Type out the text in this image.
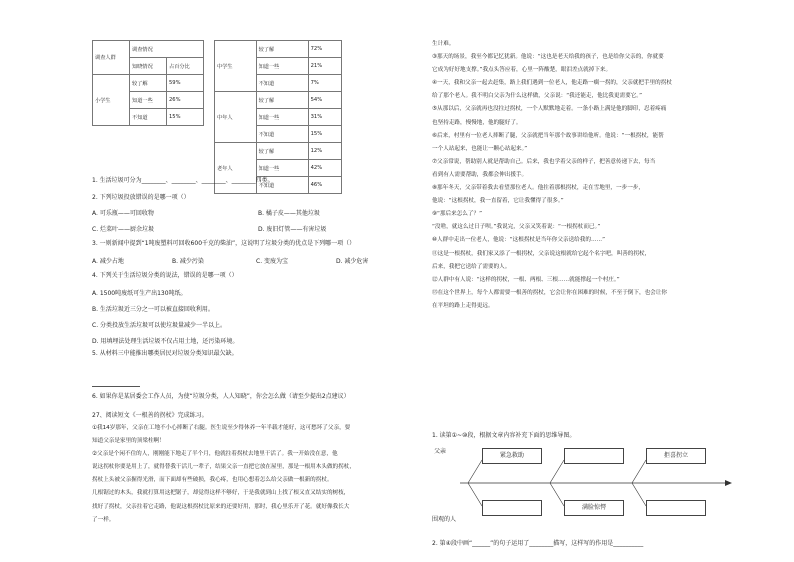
调查人群	调查情况	
	知晓情况	占百分比
小学生	较了解	59%
	知道一些	26%
	不知道	15%
中学生	较了解	72%
	知道一些	21%
	不知道	7%
中年人	较了解	54%
	知道一些	31%
	不知道	15%
老年人	较了解	12%
	知道一些	42%
	不知道	46%
1. 生活垃圾可分为________、________、________、________四类。
2. 下列垃圾投放错误的是哪一项（）
A. 可乐瓶——可回收物	B. 橘子皮——其他垃圾
C. 烂菜叶——厨余垃圾	D. 废旧灯管——有害垃圾
3. 一则新闻中提到“1吨废塑料可回收600千克的柴油”，这说明了垃圾分类的优点是下列哪一项（）
A. 减少占地	B. 减少污染	C. 变废为宝	D. 减少危害
4. 下列关于生活垃圾分类的说法，错误的是哪一项（）
A. 1500吨废纸可生产出130吨纸。
B. 生活垃圾近三分之一可以被直接回收利用。
C. 分类投放生活垃圾可以使垃圾量减少一半以上。
D. 用填埋法处理生活垃圾不仅占用土地，还污染环境。
5. 从材料三中能推出哪类居民对垃圾分类知识最欠缺。
6. 如果你是某居委会工作人员，为使“垃圾分类，人人知晓”，你会怎么做（请至少提出2点建议）
27、阅读短文《一根善的拐杖》完成练习。
①我14岁那年，父亲在工地不小心摔断了右腿。医生说至少得休养一年半载才能好，这可愁坏了父亲，要
知道父亲是家里的顶梁柱啊！
②父亲是个闲不住的人，刚刚能下地走了半个月，他就拄着拐杖去地里干活了。我一开始没在意，他
说这拐杖你要是用上了，就得替我干活儿一辈子，结果父亲一直把它放在屋里，那是一根用木头做的拐杖，
拐杖上头被父亲握得光滑，而下面却有些破损，我心疼，也用心想着怎么给父亲做一根新的拐杖。
几根锯过的木头，我就打算用这把锯子，却觉得这样不够好，于是我就到山上找了根又直又结实的树枝，
找好了拐杖，父亲拄着它走路，他说这根拐杖比原来的还要好用，那时，我心里乐开了花。就好像我长大
了一样。
生计难。
③那天的场景，我至今都记忆犹新。他说：“这也是老天给我的孩子，也是给你父亲的，你就要
它成为好好地支撑。”我点头答应着，心里一阵酸楚，眼泪差点就掉下来。
④一天，我和父亲一起去赶集，路上我们遇到一位老人，他走路一瘸一拐的，父亲就把手里的拐杖
给了那个老人。我不明白父亲为什么这样做，父亲说：“我还能走，他比我更需要它。”
⑤从那以后，父亲就再也没拄过拐杖，一个人默默地走着。一条小路上满是他的脚印，忍着疼痛
也坚持走路，慢慢地，他的腿好了。
⑥后来，村里有一位老人摔断了腿，父亲就把当年那个故事讲给他听。他说：“一根拐杖，能帮
一个人站起来，也能让一颗心站起来。”
⑦父亲常说，帮助别人就是帮助自己。后来，我也学着父亲的样子，把善意传递下去，每当
看到有人需要帮助，我都会伸出援手。
⑧那年冬天，父亲带着我去看望那位老人。他拄着那根拐杖，走在雪地里，一步一步，
他说：“这根拐杖，我一直留着，它让我懂得了很多。”
⑨“那后来怎么了？”
“没啥，就这么过日子呗。”我说完，父亲又笑着说：“一根拐杖而已。”
⑩人群中走出一位老人，他说：“这根拐杖是当年你父亲送给我的……”
⑪这是一根拐杖，我们家又添了一根拐杖，父亲说这根就给它起个名字吧，叫善的拐杖，
后来，我把它送给了需要的人。
⑫人群中有人说：“这样的拐杖，一根、两根、三根……就能撑起一个村庄。”
⑬在这个世界上，每个人都需要一根善的拐杖，它会让你在困难的时候，不至于倒下，也会让你
在平坦的路上走得更远。
1. 读第①~⑩段，根据文章内容补充下面的思维导图。
父亲
围观的人
紧急救助	拒喜拐立
满脸惊愕
2. 第④段中画“______”的句子运用了________描写，这样写的作用是__________
